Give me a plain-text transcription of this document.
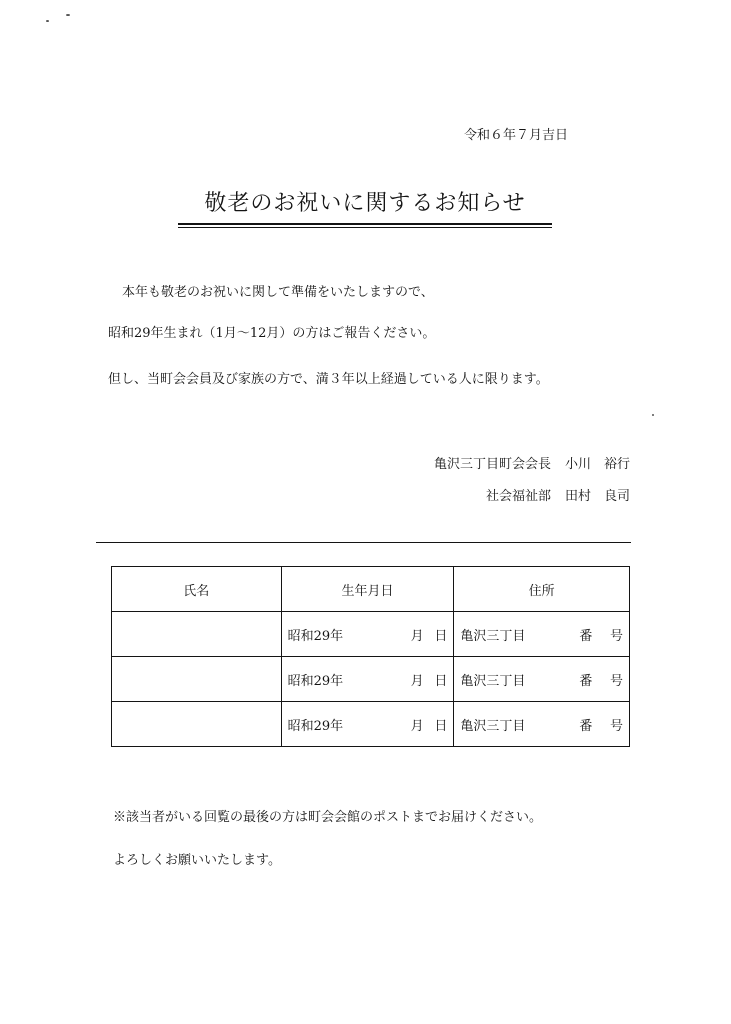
令和６年７月吉日
敬老のお祝いに関するお知らせ
本年も敬老のお祝いに関して準備をいたしますので、
昭和29年生まれ（1月〜12月）の方はご報告ください。
但し、当町会会員及び家族の方で、満３年以上経過している人に限ります。
亀沢三丁目町会会長 小川　裕行
社会福祉部 田村　良司
氏名	生年月日	住所

	昭和29年 月 日	亀沢三丁目 番 号

	昭和29年 月 日	亀沢三丁目 番 号

	昭和29年 月 日	亀沢三丁目 番 号
※該当者がいる回覧の最後の方は町会会館のポストまでお届けください。
よろしくお願いいたします。
